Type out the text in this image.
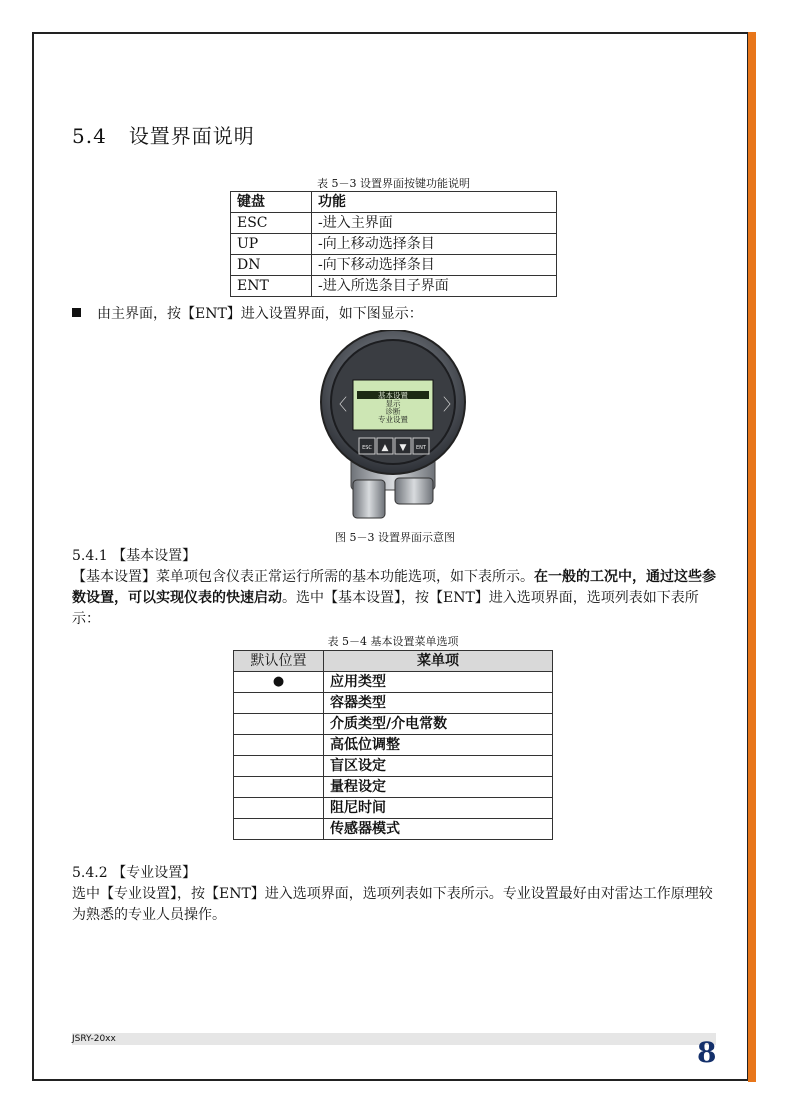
5.4 设置界面说明
表 5－3 设置界面按键功能说明
键盘	功能
ESC	-进入主界面
UP	-向上移动选择条目
DN	-向下移动选择条目
ENT	-进入所选条目子界面
由主界面，按【ENT】进入设置界面，如下图显示：
〈	〉
基本设置
显示
诊断
专业设置
ESC ▲ ▼ ENT
图 5－3 设置界面示意图
5.4.1 【基本设置】
【基本设置】菜单项包含仪表正常运行所需的基本功能选项，如下表所示。在一般的工况中，通过这些参数设置，可以实现仪表的快速启动。选中【基本设置】，按【ENT】进入选项界面，选项列表如下表所示：
表 5－4 基本设置菜单选项
默认位置	菜单项
●	应用类型
	容器类型
	介质类型/介电常数
	高低位调整
	盲区设定
	量程设定
	阻尼时间
	传感器模式
5.4.2 【专业设置】
选中【专业设置】，按【ENT】进入选项界面，选项列表如下表所示。专业设置最好由对雷达工作原理较为熟悉的专业人员操作。
JSRY-20xx	8
